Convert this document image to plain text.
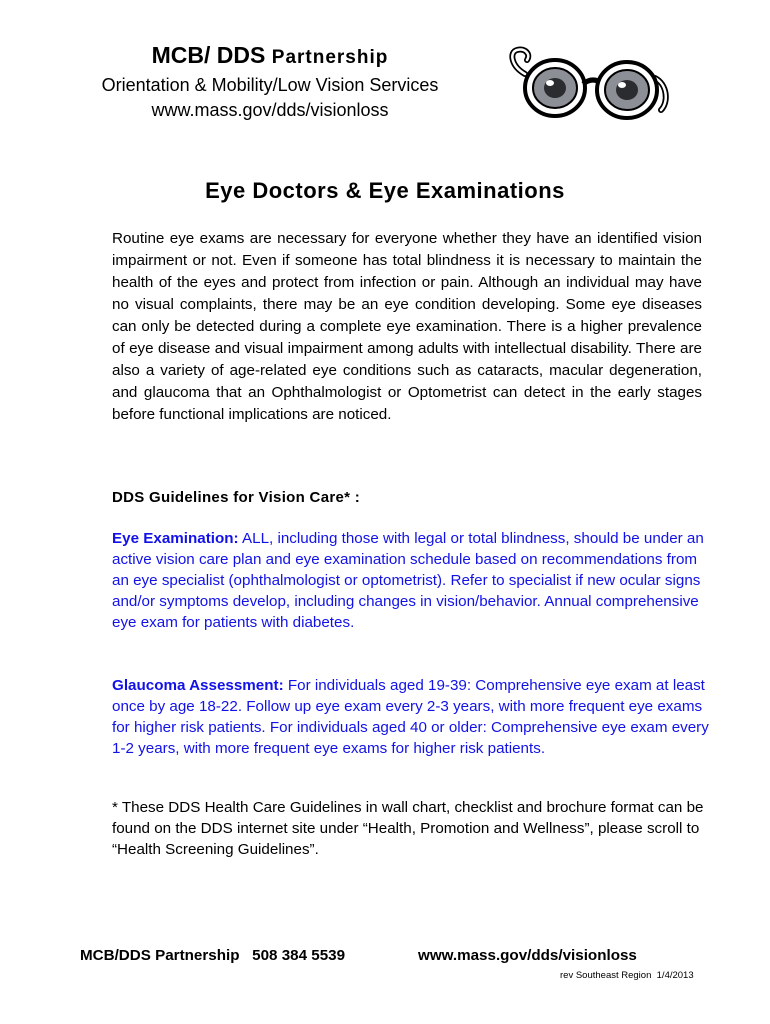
MCB/ DDS Partnership
Orientation & Mobility/Low Vision Services
www.mass.gov/dds/visionloss
Eye Doctors & Eye Examinations

Routine eye exams are necessary for everyone whether they have an identified vision impairment or not. Even if someone has total blindness it is necessary to maintain the health of the eyes and protect from infection or pain. Although an individual may have no visual complaints, there may be an eye condition developing. Some eye diseases can only be detected during a complete eye examination. There is a higher prevalence of eye disease and visual impairment among adults with intellectual disability. There are also a variety of age-related eye conditions such as cataracts, macular degeneration, and glaucoma that an Ophthalmologist or Optometrist can detect in the early stages before functional implications are noticed.

DDS Guidelines for Vision Care* :

Eye Examination: ALL, including those with legal or total blindness, should be under an active vision care plan and eye examination schedule based on recommendations from an eye specialist (ophthalmologist or optometrist). Refer to specialist if new ocular signs and/or symptoms develop, including changes in vision/behavior. Annual comprehensive eye exam for patients with diabetes.

Glaucoma Assessment: For individuals aged 19-39: Comprehensive eye exam at least once by age 18-22. Follow up eye exam every 2-3 years, with more frequent eye exams for higher risk patients. For individuals aged 40 or older: Comprehensive eye exam every 1-2 years, with more frequent eye exams for higher risk patients.

* These DDS Health Care Guidelines in wall chart, checklist and brochure format can be found on the DDS internet site under “Health, Promotion and Wellness”, please scroll to “Health Screening Guidelines”.

MCB/DDS Partnership   508 384 5539	www.mass.gov/dds/visionloss
rev Southeast Region  1/4/2013
